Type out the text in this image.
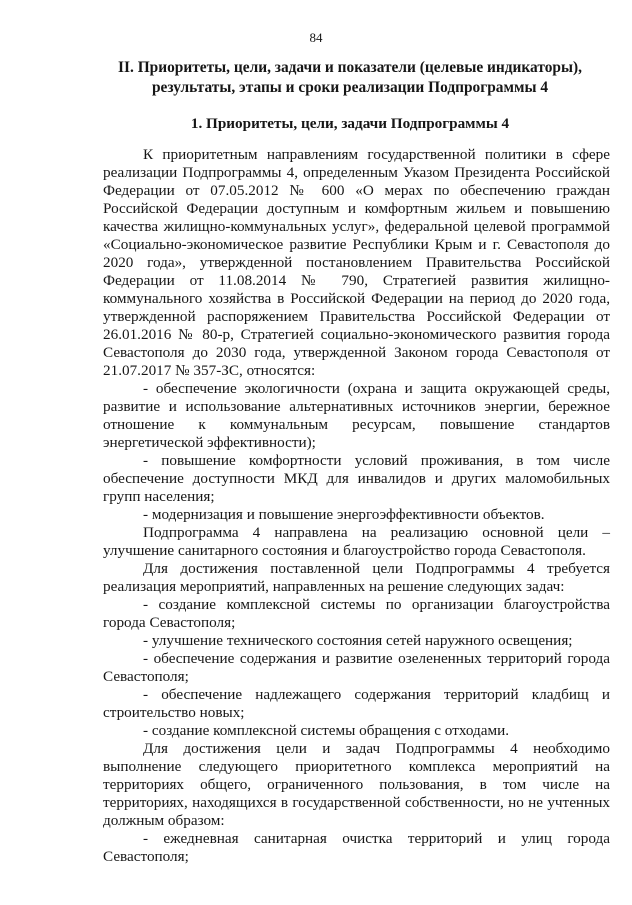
84
II. Приоритеты, цели, задачи и показатели (целевые индикаторы), результаты, этапы и сроки реализации Подпрограммы 4
1. Приоритеты, цели, задачи Подпрограммы 4

К приоритетным направлениям государственной политики в сфере реализации Подпрограммы 4, определенным Указом Президента Российской Федерации от 07.05.2012 № 600 «О мерах по обеспечению граждан Российской Федерации доступным и комфортным жильем и повышению качества жилищно-коммунальных услуг», федеральной целевой программой «Социально-экономическое развитие Республики Крым и г. Севастополя до 2020 года», утвержденной постановлением Правительства Российской Федерации от 11.08.2014 № 790, Стратегией развития жилищно-коммунального хозяйства в Российской Федерации на период до 2020 года, утвержденной распоряжением Правительства Российской Федерации от 26.01.2016 № 80-р, Стратегией социально-экономического развития города Севастополя до 2030 года, утвержденной Законом города Севастополя от 21.07.2017 № 357-ЗС, относятся:

- обеспечение экологичности (охрана и защита окружающей среды, развитие и использование альтернативных источников энергии, бережное отношение к коммунальным ресурсам, повышение стандартов энергетической эффективности);

- повышение комфортности условий проживания, в том числе обеспечение доступности МКД для инвалидов и других маломобильных групп населения;

- модернизация и повышение энергоэффективности объектов.

Подпрограмма 4 направлена на реализацию основной цели – улучшение санитарного состояния и благоустройство города Севастополя.

Для достижения поставленной цели Подпрограммы 4 требуется реализация мероприятий, направленных на решение следующих задач:

- создание комплексной системы по организации благоустройства города Севастополя;

- улучшение технического состояния сетей наружного освещения;

- обеспечение содержания и развитие озелененных территорий города Севастополя;

- обеспечение надлежащего содержания территорий кладбищ и строительство новых;

- создание комплексной системы обращения с отходами.

Для достижения цели и задач Подпрограммы 4 необходимо выполнение следующего приоритетного комплекса мероприятий на территориях общего, ограниченного пользования, в том числе на территориях, находящихся в государственной собственности, но не учтенных должным образом:

- ежедневная санитарная очистка территорий и улиц города Севастополя;
